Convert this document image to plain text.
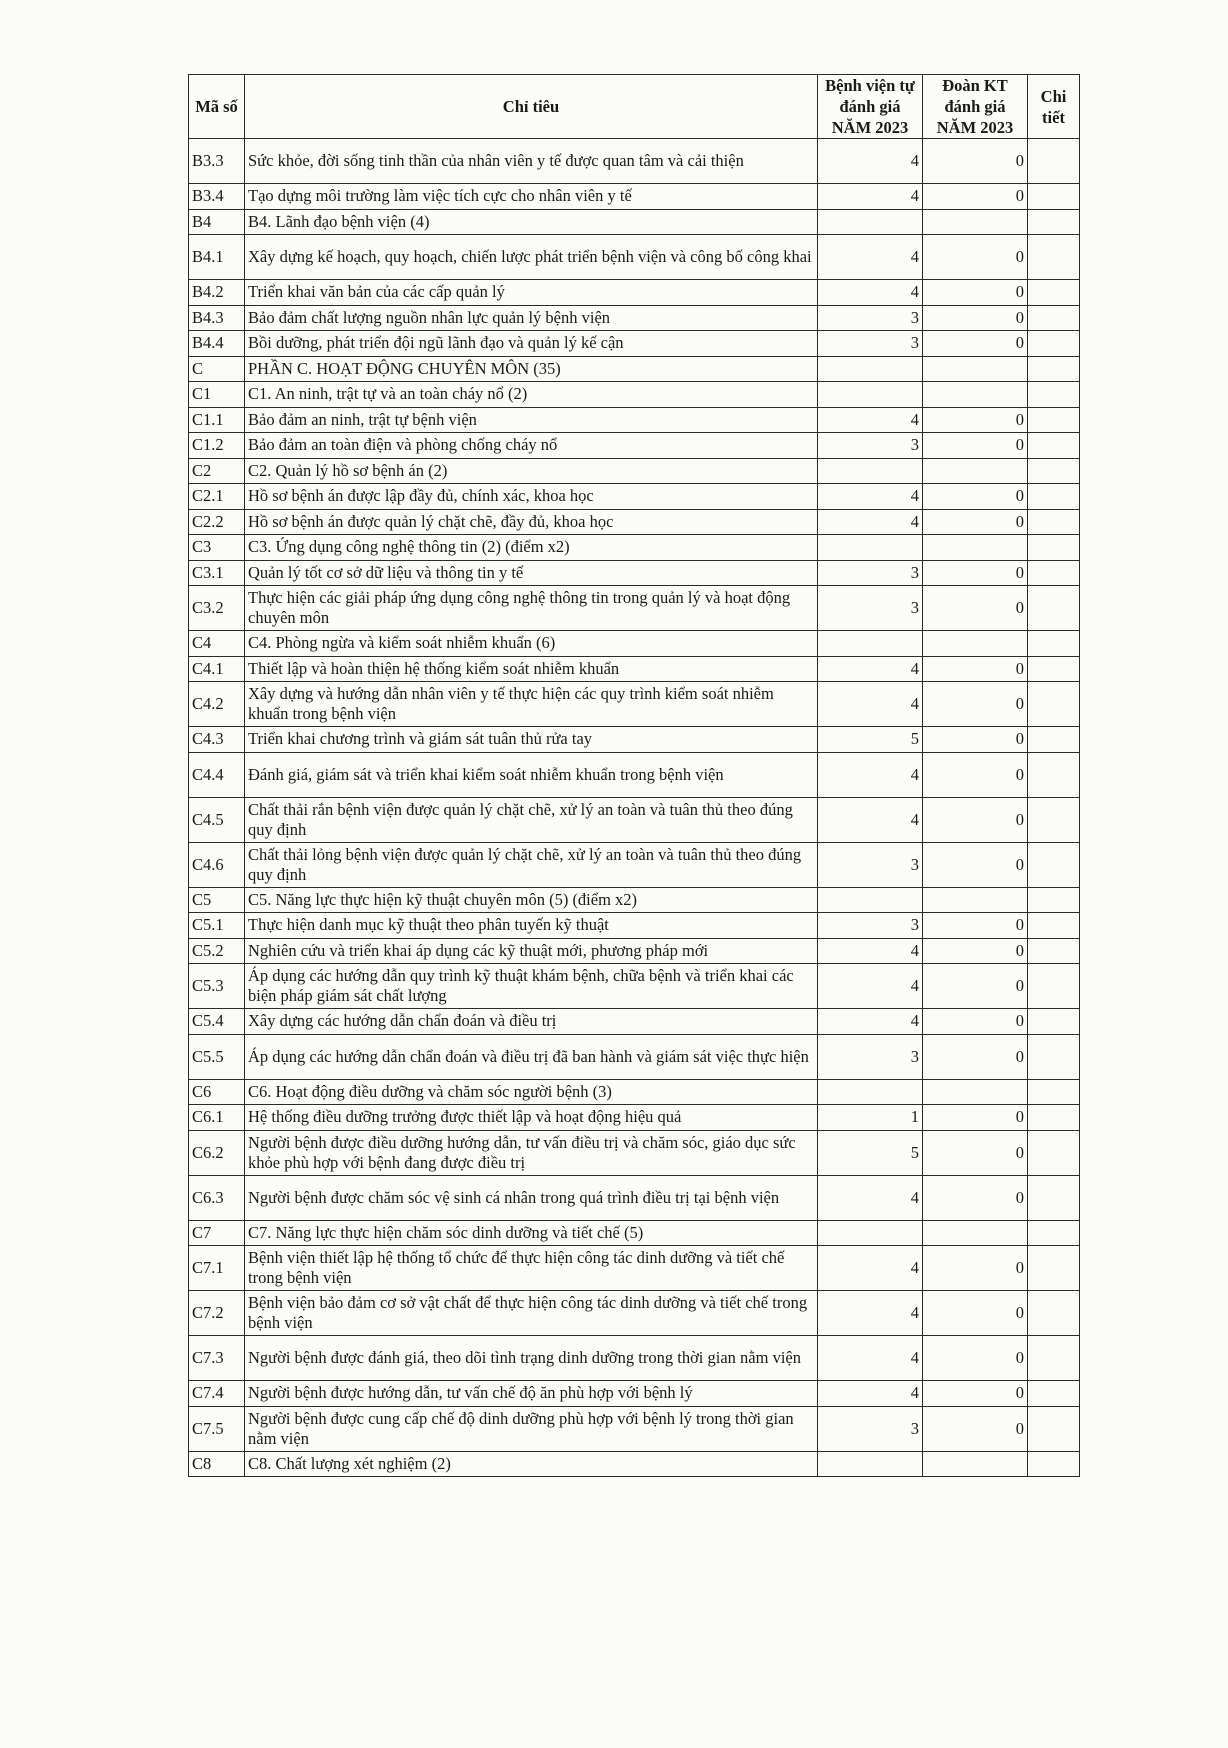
Mã số	Chỉ tiêu	Bệnh viện tự đánh giá NĂM 2023	Đoàn KT đánh giá NĂM 2023	Chi tiết
B3.3	Sức khỏe, đời sống tinh thần của nhân viên y tế được quan tâm và cải thiện	4	0	
B3.4	Tạo dựng môi trường làm việc tích cực cho nhân viên y tế	4	0	
B4	B4. Lãnh đạo bệnh viện (4)			
B4.1	Xây dựng kế hoạch, quy hoạch, chiến lược phát triển bệnh viện và công bố công khai	4	0	
B4.2	Triển khai văn bản của các cấp quản lý	4	0	
B4.3	Bảo đảm chất lượng nguồn nhân lực quản lý bệnh viện	3	0	
B4.4	Bồi dưỡng, phát triển đội ngũ lãnh đạo và quản lý kế cận	3	0	
C	PHẦN C. HOẠT ĐỘNG CHUYÊN MÔN (35)			
C1	C1. An ninh, trật tự và an toàn cháy nổ (2)			
C1.1	Bảo đảm an ninh, trật tự bệnh viện	4	0	
C1.2	Bảo đảm an toàn điện và phòng chống cháy nổ	3	0	
C2	C2. Quản lý hồ sơ bệnh án (2)			
C2.1	Hồ sơ bệnh án được lập đầy đủ, chính xác, khoa học	4	0	
C2.2	Hồ sơ bệnh án được quản lý chặt chẽ, đầy đủ, khoa học	4	0	
C3	C3. Ứng dụng công nghệ thông tin (2) (điểm x2)			
C3.1	Quản lý tốt cơ sở dữ liệu và thông tin y tế	3	0	
C3.2	Thực hiện các giải pháp ứng dụng công nghệ thông tin trong quản lý và hoạt động chuyên môn	3	0	
C4	C4. Phòng ngừa và kiểm soát nhiễm khuẩn (6)			
C4.1	Thiết lập và hoàn thiện hệ thống kiểm soát nhiễm khuẩn	4	0	
C4.2	Xây dựng và hướng dẫn nhân viên y tế thực hiện các quy trình kiểm soát nhiễm khuẩn trong bệnh viện	4	0	
C4.3	Triển khai chương trình và giám sát tuân thủ rửa tay	5	0	
C4.4	Đánh giá, giám sát và triển khai kiểm soát nhiễm khuẩn trong bệnh viện	4	0	
C4.5	Chất thải rắn bệnh viện được quản lý chặt chẽ, xử lý an toàn và tuân thủ theo đúng quy định	4	0	
C4.6	Chất thải lỏng bệnh viện được quản lý chặt chẽ, xử lý an toàn và tuân thủ theo đúng quy định	3	0	
C5	C5. Năng lực thực hiện kỹ thuật chuyên môn (5) (điểm x2)			
C5.1	Thực hiện danh mục kỹ thuật theo phân tuyến kỹ thuật	3	0	
C5.2	Nghiên cứu và triển khai áp dụng các kỹ thuật mới, phương pháp mới	4	0	
C5.3	Áp dụng các hướng dẫn quy trình kỹ thuật khám bệnh, chữa bệnh và triển khai các biện pháp giám sát chất lượng	4	0	
C5.4	Xây dựng các hướng dẫn chẩn đoán và điều trị	4	0	
C5.5	Áp dụng các hướng dẫn chẩn đoán và điều trị đã ban hành và giám sát việc thực hiện	3	0	
C6	C6. Hoạt động điều dưỡng và chăm sóc người bệnh (3)			
C6.1	Hệ thống điều dưỡng trưởng được thiết lập và hoạt động hiệu quả	1	0	
C6.2	Người bệnh được điều dưỡng hướng dẫn, tư vấn điều trị và chăm sóc, giáo dục sức khỏe phù hợp với bệnh đang được điều trị	5	0	
C6.3	Người bệnh được chăm sóc vệ sinh cá nhân trong quá trình điều trị tại bệnh viện	4	0	
C7	C7. Năng lực thực hiện chăm sóc dinh dưỡng và tiết chế (5)			
C7.1	Bệnh viện thiết lập hệ thống tổ chức để thực hiện công tác dinh dưỡng và tiết chế trong bệnh viện	4	0	
C7.2	Bệnh viện bảo đảm cơ sở vật chất để thực hiện công tác dinh dưỡng và tiết chế trong bệnh viện	4	0	
C7.3	Người bệnh được đánh giá, theo dõi tình trạng dinh dưỡng trong thời gian nằm viện	4	0	
C7.4	Người bệnh được hướng dẫn, tư vấn chế độ ăn phù hợp với bệnh lý	4	0	
C7.5	Người bệnh được cung cấp chế độ dinh dưỡng phù hợp với bệnh lý trong thời gian nằm viện	3	0	
C8	C8. Chất lượng xét nghiệm (2)			
